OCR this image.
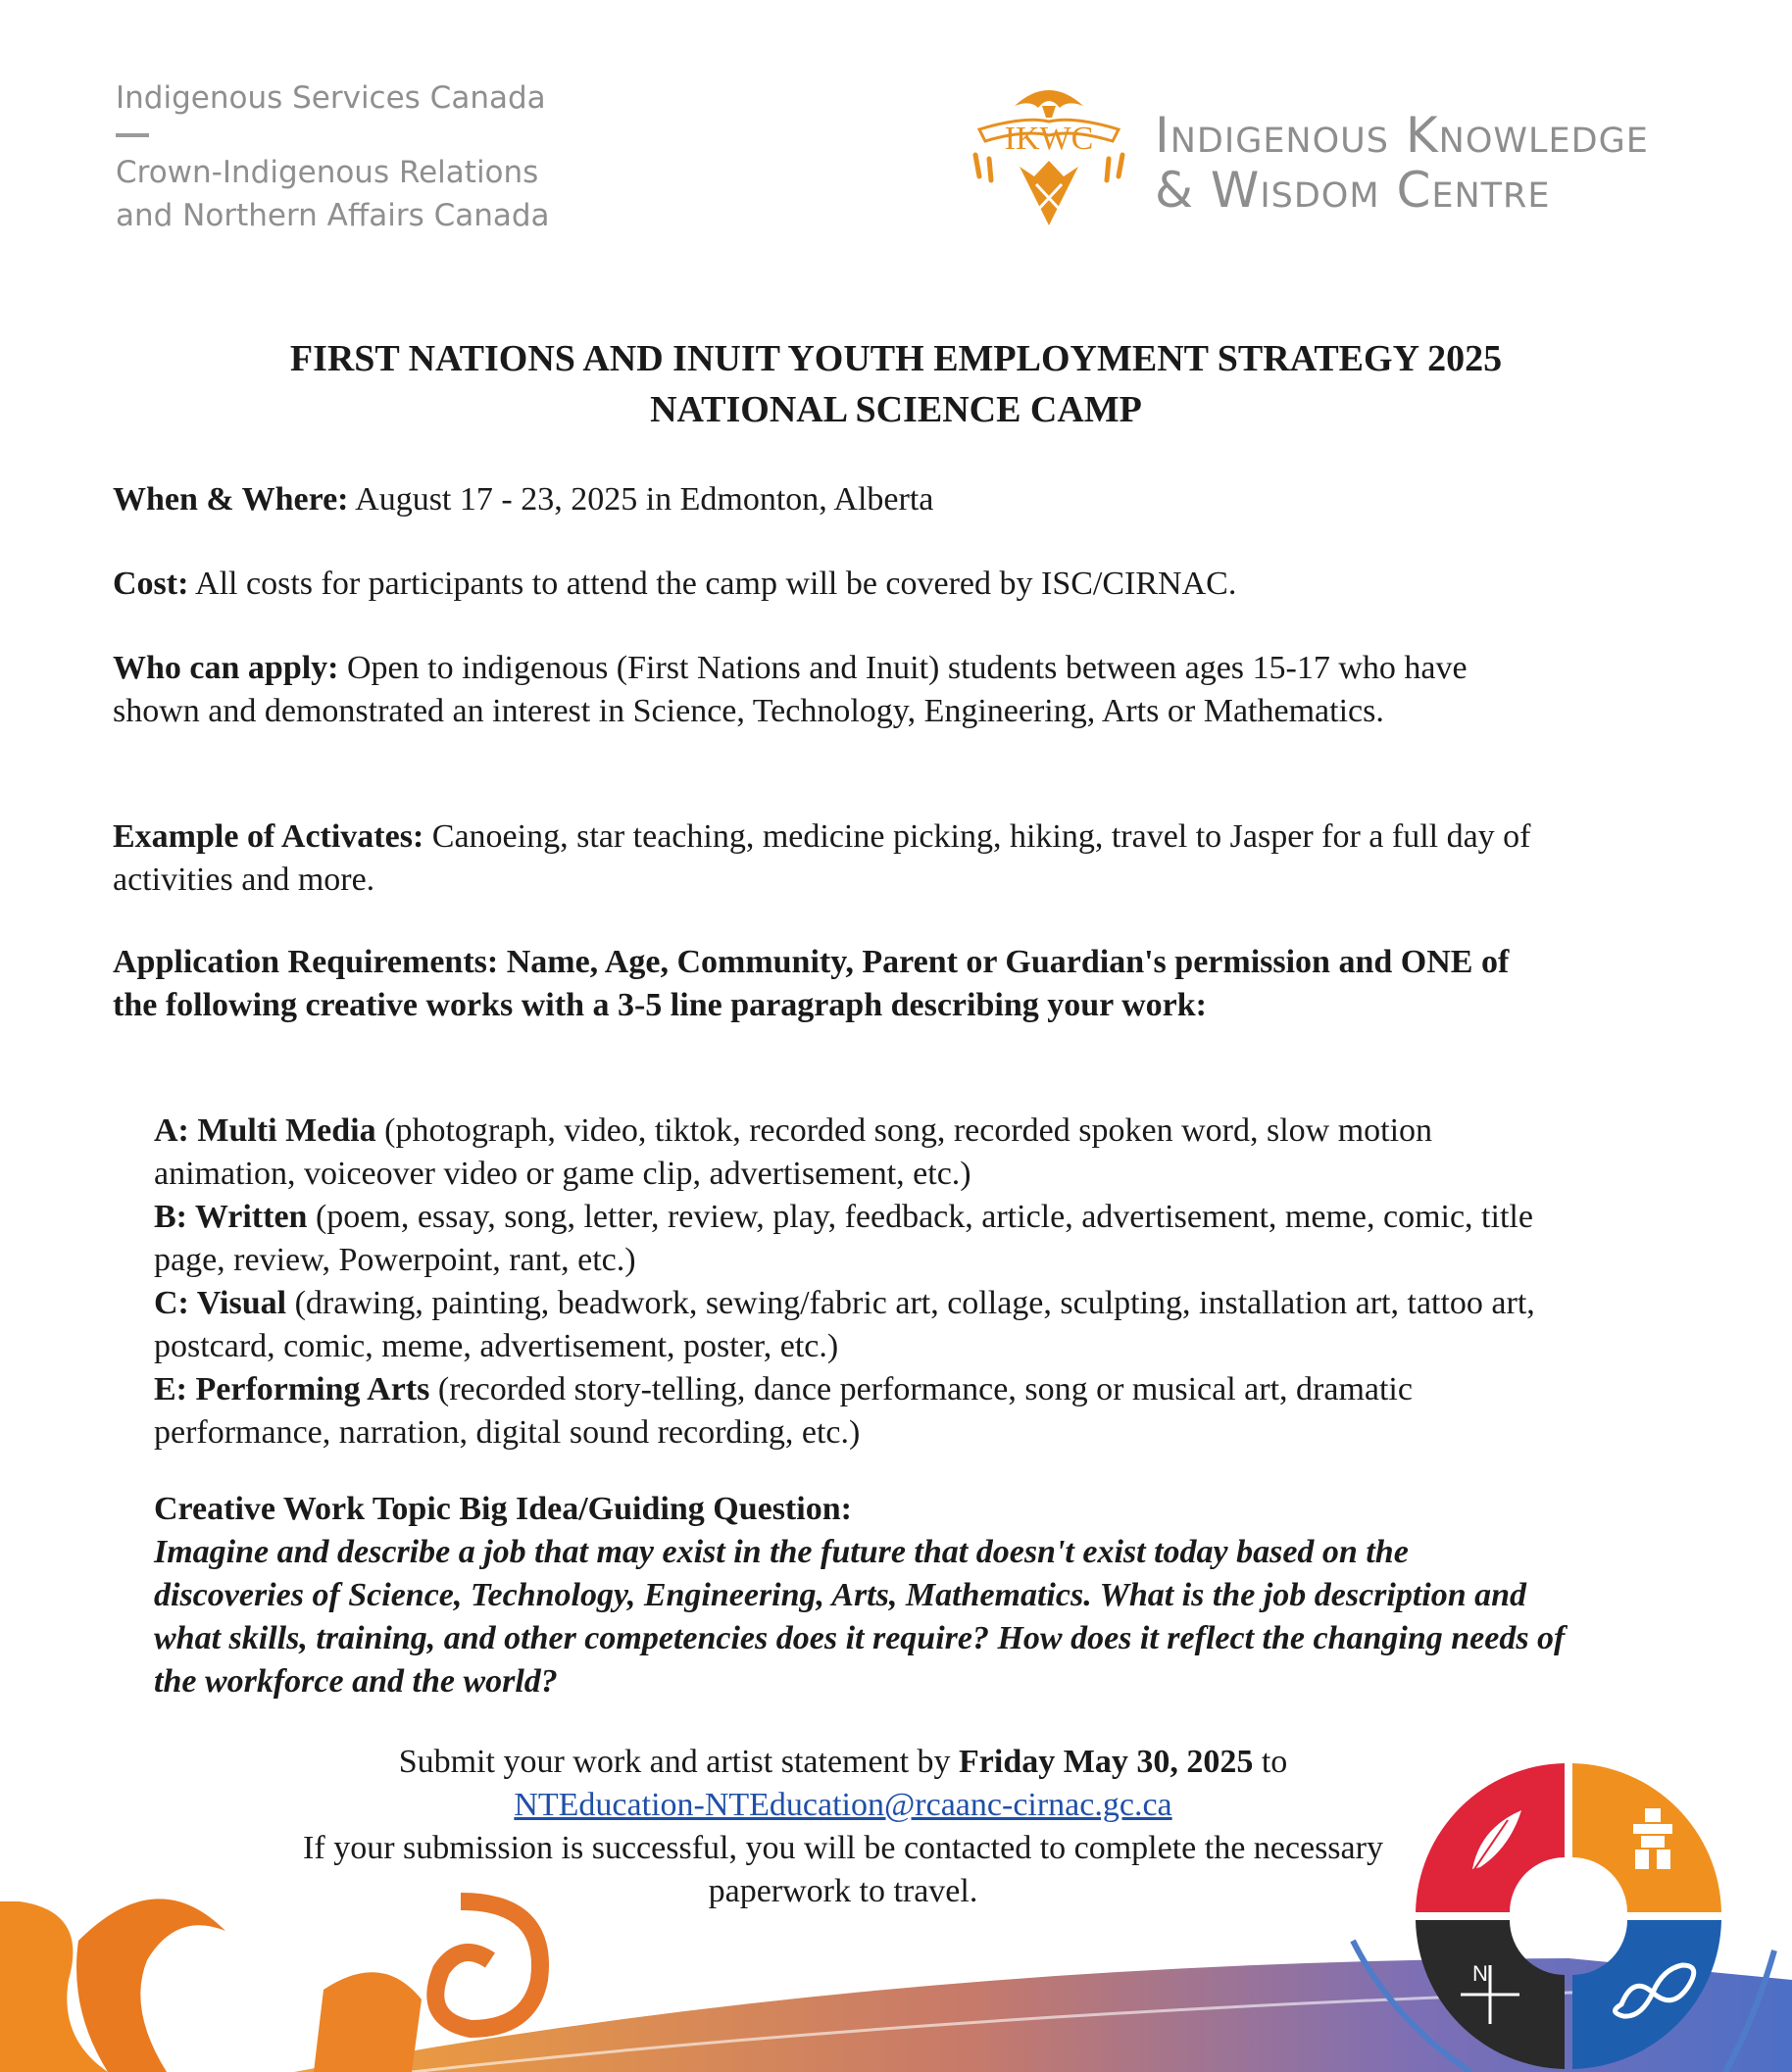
Indigenous Services Canada
Crown-Indigenous Relations
and Northern Affairs Canada
IKWC Indigenous Knowledge
& Wisdom Centre
FIRST NATIONS AND INUIT YOUTH EMPLOYMENT STRATEGY 2025
NATIONAL SCIENCE CAMP
When & Where: August 17 - 23, 2025 in Edmonton, Alberta
Cost: All costs for participants to attend the camp will be covered by ISC/CIRNAC.
Who can apply: Open to indigenous (First Nations and Inuit) students between ages 15-17 who have shown and demonstrated an interest in Science, Technology, Engineering, Arts or Mathematics.
Example of Activates: Canoeing, star teaching, medicine picking, hiking, travel to Jasper for a full day of activities and more.
Application Requirements: Name, Age, Community, Parent or Guardian's permission and ONE of the following creative works with a 3-5 line paragraph describing your work:
A: Multi Media (photograph, video, tiktok, recorded song, recorded spoken word, slow motion animation, voiceover video or game clip, advertisement, etc.)
B: Written (poem, essay, song, letter, review, play, feedback, article, advertisement, meme, comic, title page, review, Powerpoint, rant, etc.)
C: Visual (drawing, painting, beadwork, sewing/fabric art, collage, sculpting, installation art, tattoo art, postcard, comic, meme, advertisement, poster, etc.)
E: Performing Arts (recorded story-telling, dance performance, song or musical art, dramatic performance, narration, digital sound recording, etc.)
Creative Work Topic Big Idea/Guiding Question:
Imagine and describe a job that may exist in the future that doesn't exist today based on the discoveries of Science, Technology, Engineering, Arts, Mathematics. What is the job description and what skills, training, and other competencies does it require? How does it reflect the changing needs of the workforce and the world?
Submit your work and artist statement by Friday May 30, 2025 to
NTEducation-NTEducation@rcaanc-cirnac.gc.ca
If your submission is successful, you will be contacted to complete the necessary paperwork to travel.
N
